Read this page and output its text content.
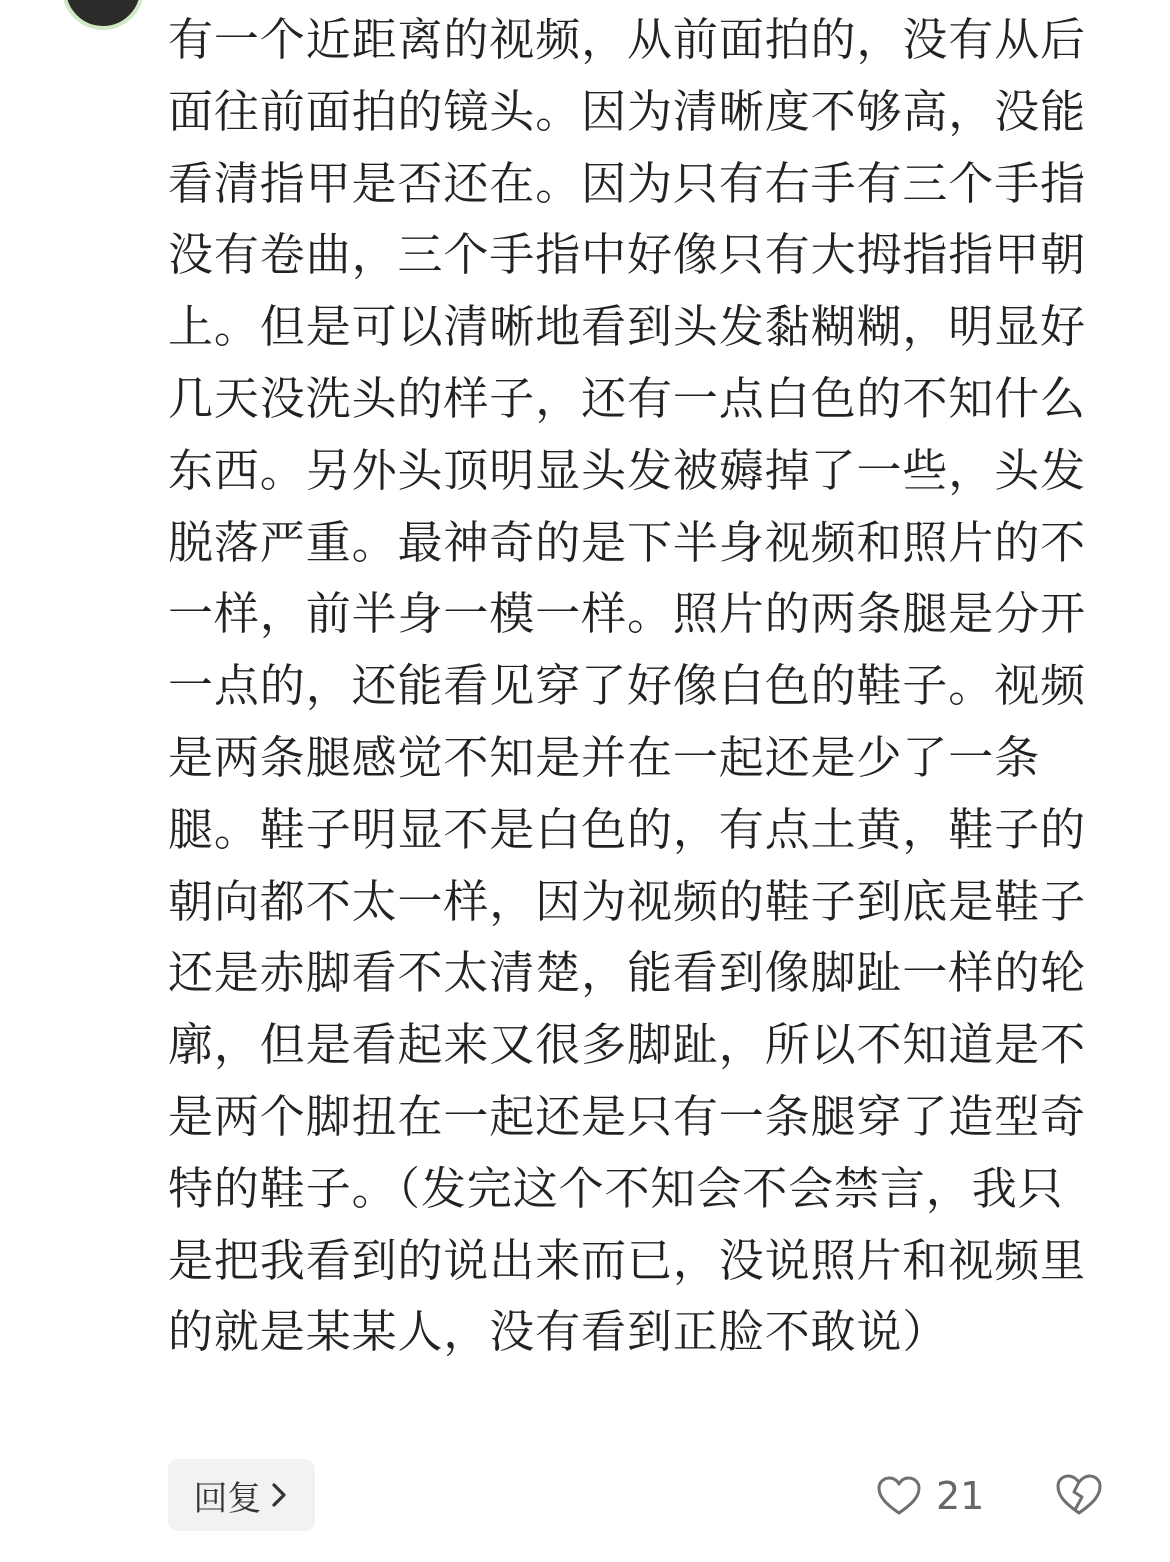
有一个近距离的视频，从前面拍的，没有从后面往前面拍的镜头。因为清晰度不够高，没能看清指甲是否还在。因为只有右手有三个手指没有卷曲，三个手指中好像只有大拇指指甲朝上。但是可以清晰地看到头发黏糊糊，明显好几天没洗头的样子，还有一点白色的不知什么东西。另外头顶明显头发被薅掉了一些，头发脱落严重。最神奇的是下半身视频和照片的不一样，前半身一模一样。照片的两条腿是分开一点的，还能看见穿了好像白色的鞋子。视频是两条腿感觉不知是并在一起还是少了一条腿。鞋子明显不是白色的，有点土黄，鞋子的朝向都不太一样，因为视频的鞋子到底是鞋子还是赤脚看不太清楚，能看到像脚趾一样的轮廓，但是看起来又很多脚趾，所以不知道是不是两个脚扭在一起还是只有一条腿穿了造型奇特的鞋子。（发完这个不知会不会禁言，我只是把我看到的说出来而已，没说照片和视频里的就是某某人，没有看到正脸不敢说）

回复	21
